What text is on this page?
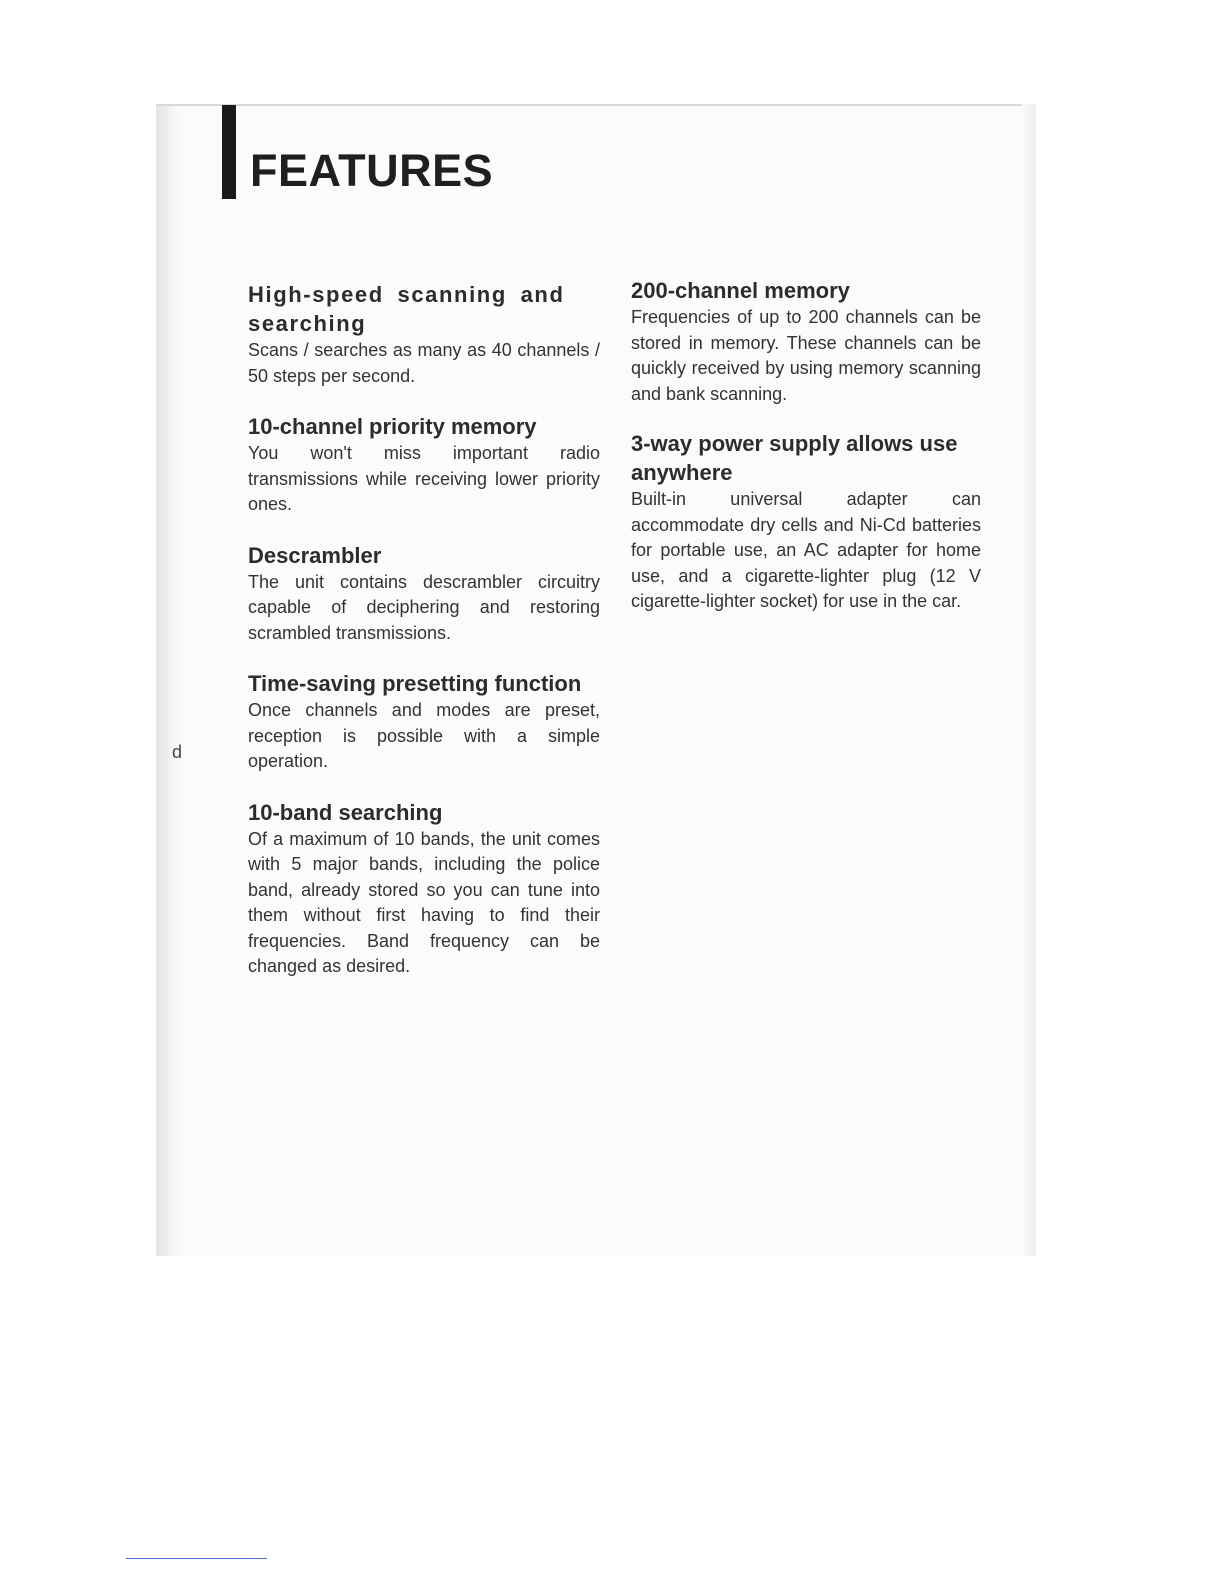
FEATURES
d
High-speed scanning and searching

Scans / searches as many as 40 channels / 50 steps per second.

10-channel priority memory

You won't miss important radio transmissions while receiving lower priority ones.

Descrambler

The unit contains descrambler circuitry capable of deciphering and restoring scrambled transmissions.

Time-saving presetting function

Once channels and modes are preset, reception is possible with a simple operation.

10-band searching

Of a maximum of 10 bands, the unit comes with 5 major bands, including the police band, already stored so you can tune into them without first having to find their frequencies. Band frequency can be changed as desired.

200-channel memory

Frequencies of up to 200 channels can be stored in memory. These channels can be quickly received by using memory scanning and bank scanning.

3-way power supply allows use anywhere

Built-in universal adapter can accommodate dry cells and Ni-Cd batteries for portable use, an AC adapter for home use, and a cigarette-lighter plug (12 V cigarette-lighter socket) for use in the car.
